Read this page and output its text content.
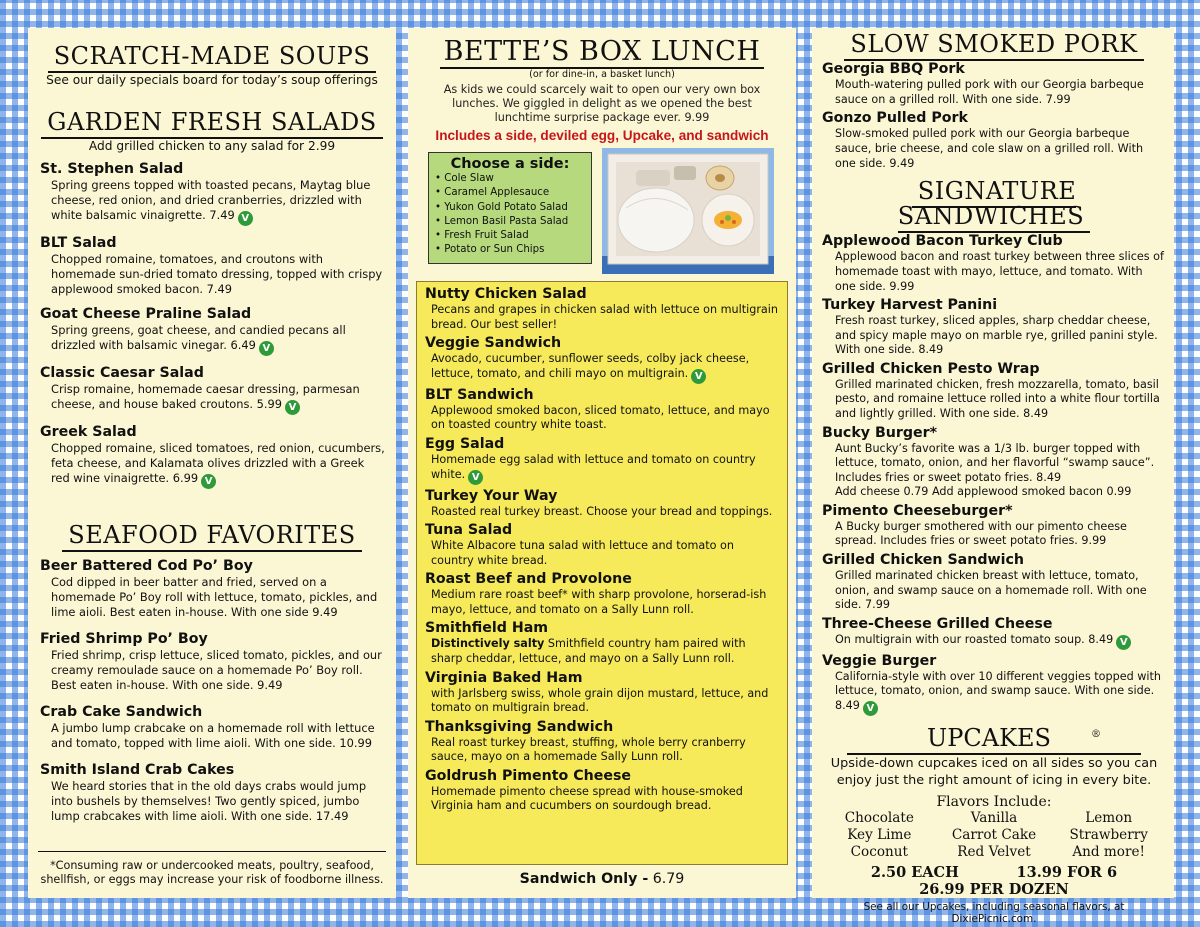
SCRATCH-MADE SOUPS
See our daily specials board for today’s soup offerings
GARDEN FRESH SALADS
Add grilled chicken to any salad for 2.99
St. Stephen Salad
Spring greens topped with toasted pecans, Maytag blue cheese, red onion, and dried cranberries, drizzled with white balsamic vinaigrette. 7.49 V
BLT Salad
Chopped romaine, tomatoes, and croutons with homemade sun-dried tomato dressing, topped with crispy applewood smoked bacon. 7.49
Goat Cheese Praline Salad
Spring greens, goat cheese, and candied pecans all drizzled with balsamic vinegar. 6.49 V
Classic Caesar Salad
Crisp romaine, homemade caesar dressing, parmesan cheese, and house baked croutons. 5.99 V
Greek Salad
Chopped romaine, sliced tomatoes, red onion, cucumbers, feta cheese, and Kalamata olives drizzled with a Greek red wine vinaigrette. 6.99 V
SEAFOOD FAVORITES
Beer Battered Cod Po’ Boy
Cod dipped in beer batter and fried, served on a homemade Po’ Boy roll with lettuce, tomato, pickles, and lime aioli. Best eaten in-house. With one side 9.49
Fried Shrimp Po’ Boy
Fried shrimp, crisp lettuce, sliced tomato, pickles, and our creamy remoulade sauce on a homemade Po’ Boy roll. Best eaten in-house. With one side. 9.49
Crab Cake Sandwich
A jumbo lump crabcake on a homemade roll with lettuce and tomato, topped with lime aioli. With one side. 10.99
Smith Island Crab Cakes
We heard stories that in the old days crabs would jump into bushels by themselves! Two gently spiced, jumbo lump crabcakes with lime aioli. With one side. 17.49
*Consuming raw or undercooked meats, poultry, seafood, shellfish, or eggs may increase your risk of foodborne illness.
BETTE’S BOX LUNCH
(or for dine-in, a basket lunch)
As kids we could scarcely wait to open our very own box lunches. We giggled in delight as we opened the best lunchtime surprise package ever. 9.99
Includes a side, deviled egg, Upcake, and sandwich
Choose a side:
• Cole Slaw
• Caramel Applesauce
• Yukon Gold Potato Salad
• Lemon Basil Pasta Salad
• Fresh Fruit Salad
• Potato or Sun Chips
Nutty Chicken Salad
Pecans and grapes in chicken salad with lettuce on multigrain bread. Our best seller!
Veggie Sandwich
Avocado, cucumber, sunflower seeds, colby jack cheese, lettuce, tomato, and chili mayo on multigrain. V
BLT Sandwich
Applewood smoked bacon, sliced tomato, lettuce, and mayo on toasted country white toast.
Egg Salad
Homemade egg salad with lettuce and tomato on country white. V
Turkey Your Way
Roasted real turkey breast. Choose your bread and toppings.
Tuna Salad
White Albacore tuna salad with lettuce and tomato on country white bread.
Roast Beef and Provolone
Medium rare roast beef* with sharp provolone, horserad-ish mayo, lettuce, and tomato on a Sally Lunn roll.
Smithfield Ham
Distinctively salty Smithfield country ham paired with sharp cheddar, lettuce, and mayo on a Sally Lunn roll.
Virginia Baked Ham
with Jarlsberg swiss, whole grain dijon mustard, lettuce, and tomato on multigrain bread.
Thanksgiving Sandwich
Real roast turkey breast, stuffing, whole berry cranberry sauce, mayo on a homemade Sally Lunn roll.
Goldrush Pimento Cheese
Homemade pimento cheese spread with house-smoked Virginia ham and cucumbers on sourdough bread.
Sandwich Only - 6.79
SLOW SMOKED PORK
Georgia BBQ Pork
Mouth-watering pulled pork with our Georgia barbeque sauce on a grilled roll. With one side. 7.99
Gonzo Pulled Pork
Slow-smoked pulled pork with our Georgia barbeque sauce, brie cheese, and cole slaw on a grilled roll. With one side. 9.49
SIGNATURE SANDWICHES
Applewood Bacon Turkey Club
Applewood bacon and roast turkey between three slices of homemade toast with mayo, lettuce, and tomato. With one side. 9.99
Turkey Harvest Panini
Fresh roast turkey, sliced apples, sharp cheddar cheese, and spicy maple mayo on marble rye, grilled panini style. With one side. 8.49
Grilled Chicken Pesto Wrap
Grilled marinated chicken, fresh mozzarella, tomato, basil pesto, and romaine lettuce rolled into a white flour tortilla and lightly grilled. With one side. 8.49
Bucky Burger*
Aunt Bucky’s favorite was a 1/3 lb. burger topped with lettuce, tomato, onion, and her flavorful “swamp sauce”. Includes fries or sweet potato fries. 8.49
Add cheese 0.79 Add applewood smoked bacon 0.99
Pimento Cheeseburger*
A Bucky burger smothered with our pimento cheese spread. Includes fries or sweet potato fries. 9.99
Grilled Chicken Sandwich
Grilled marinated chicken breast with lettuce, tomato, onion, and swamp sauce on a homemade roll. With one side. 7.99
Three-Cheese Grilled Cheese
On multigrain with our roasted tomato soup. 8.49 V
Veggie Burger
California-style with over 10 different veggies topped with lettuce, tomato, onion, and swamp sauce. With one side. 8.49 V
UPCAKES	®
Upside-down cupcakes iced on all sides so you can enjoy just the right amount of icing in every bite.
Flavors Include:
Chocolate	Vanilla	Lemon
Key Lime	Carrot Cake	Strawberry
Coconut	Red Velvet	And more!
2.50 EACH	13.99 FOR 6
26.99 PER DOZEN
See all our Upcakes, including seasonal flavors, at DixiePicnic.com.
